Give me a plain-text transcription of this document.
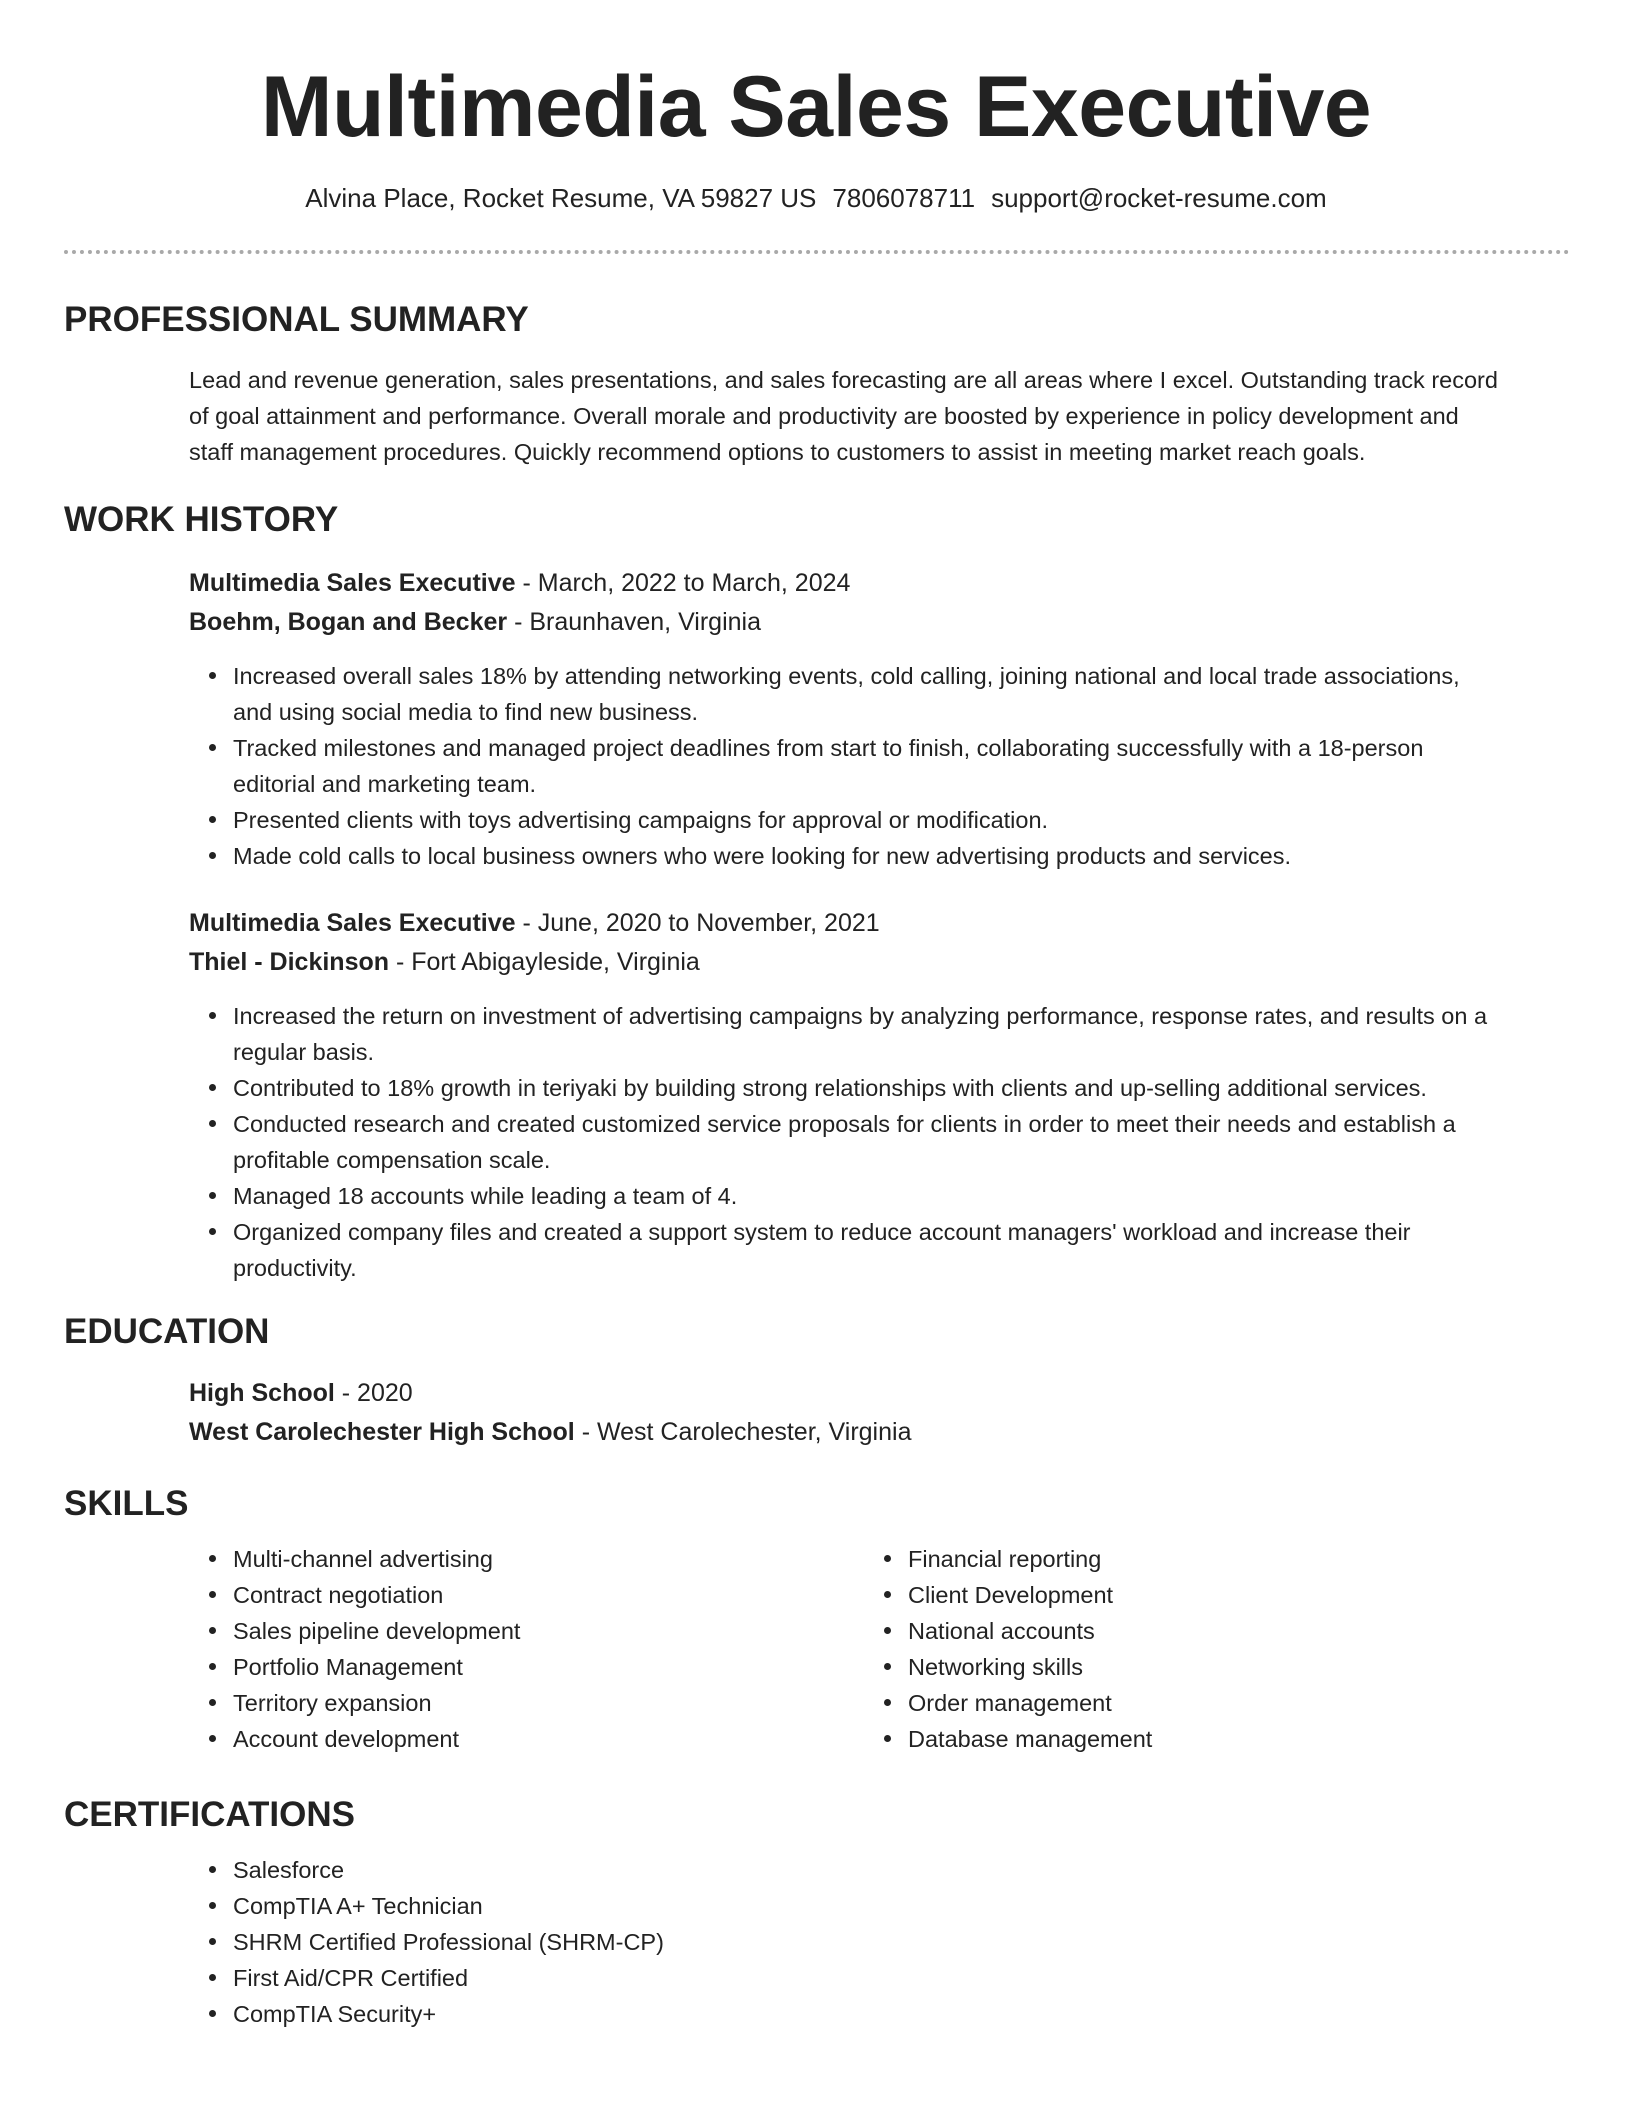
Multimedia Sales Executive
Alvina Place, Rocket Resume, VA 59827 US 7806078711 support@rocket-resume.com
PROFESSIONAL SUMMARY
Lead and revenue generation, sales presentations, and sales forecasting are all areas where I excel. Outstanding track record
of goal attainment and performance. Overall morale and productivity are boosted by experience in policy development and
staff management procedures. Quickly recommend options to customers to assist in meeting market reach goals.
WORK HISTORY
Multimedia Sales Executive - March, 2022 to March, 2024
Boehm, Bogan and Becker - Braunhaven, Virginia
Increased overall sales 18% by attending networking events, cold calling, joining national and local trade associations,
and using social media to find new business.
Tracked milestones and managed project deadlines from start to finish, collaborating successfully with a 18-person
editorial and marketing team.
Presented clients with toys advertising campaigns for approval or modification.
Made cold calls to local business owners who were looking for new advertising products and services.
Multimedia Sales Executive - June, 2020 to November, 2021
Thiel - Dickinson - Fort Abigayleside, Virginia
Increased the return on investment of advertising campaigns by analyzing performance, response rates, and results on a
regular basis.
Contributed to 18% growth in teriyaki by building strong relationships with clients and up-selling additional services.
Conducted research and created customized service proposals for clients in order to meet their needs and establish a
profitable compensation scale.
Managed 18 accounts while leading a team of 4.
Organized company files and created a support system to reduce account managers' workload and increase their
productivity.
EDUCATION
High School - 2020
West Carolechester High School - West Carolechester, Virginia
SKILLS
Multi-channel advertising
Contract negotiation
Sales pipeline development
Portfolio Management
Territory expansion
Account development
Financial reporting
Client Development
National accounts
Networking skills
Order management
Database management
CERTIFICATIONS
Salesforce
CompTIA A+ Technician
SHRM Certified Professional (SHRM-CP)
First Aid/CPR Certified
CompTIA Security+
